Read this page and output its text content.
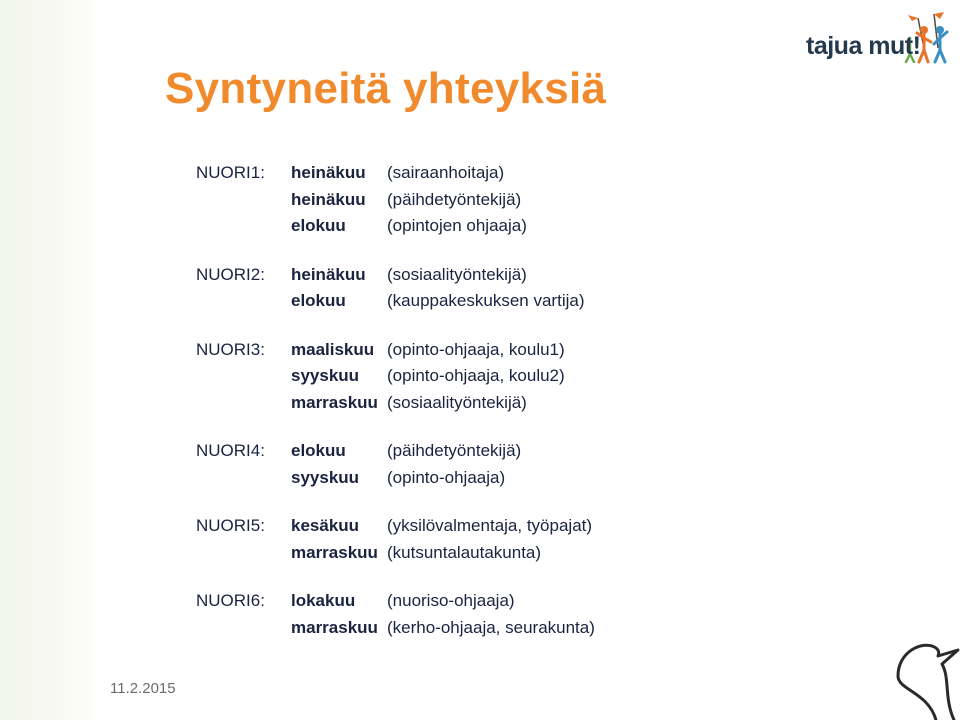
Syntyneitä yhteyksiä
tajua mut!
NUORI1:	heinäkuu	(sairaanhoitaja)
heinäkuu	(päihdetyöntekijä)
elokuu	(opintojen ohjaaja)
NUORI2:	heinäkuu	(sosiaalityöntekijä)
elokuu	(kauppakeskuksen vartija)
NUORI3:	maaliskuu (opinto-ohjaaja, koulu1)
syyskuu	(opinto-ohjaaja, koulu2)
marraskuu (sosiaalityöntekijä)
NUORI4:	elokuu	(päihdetyöntekijä)
syyskuu	(opinto-ohjaaja)
NUORI5:	kesäkuu	(yksilövalmentaja, työpajat)
marraskuu (kutsuntalautakunta)
NUORI6:	lokakuu	(nuoriso-ohjaaja)
marraskuu (kerho-ohjaaja, seurakunta)
11.2.2015
